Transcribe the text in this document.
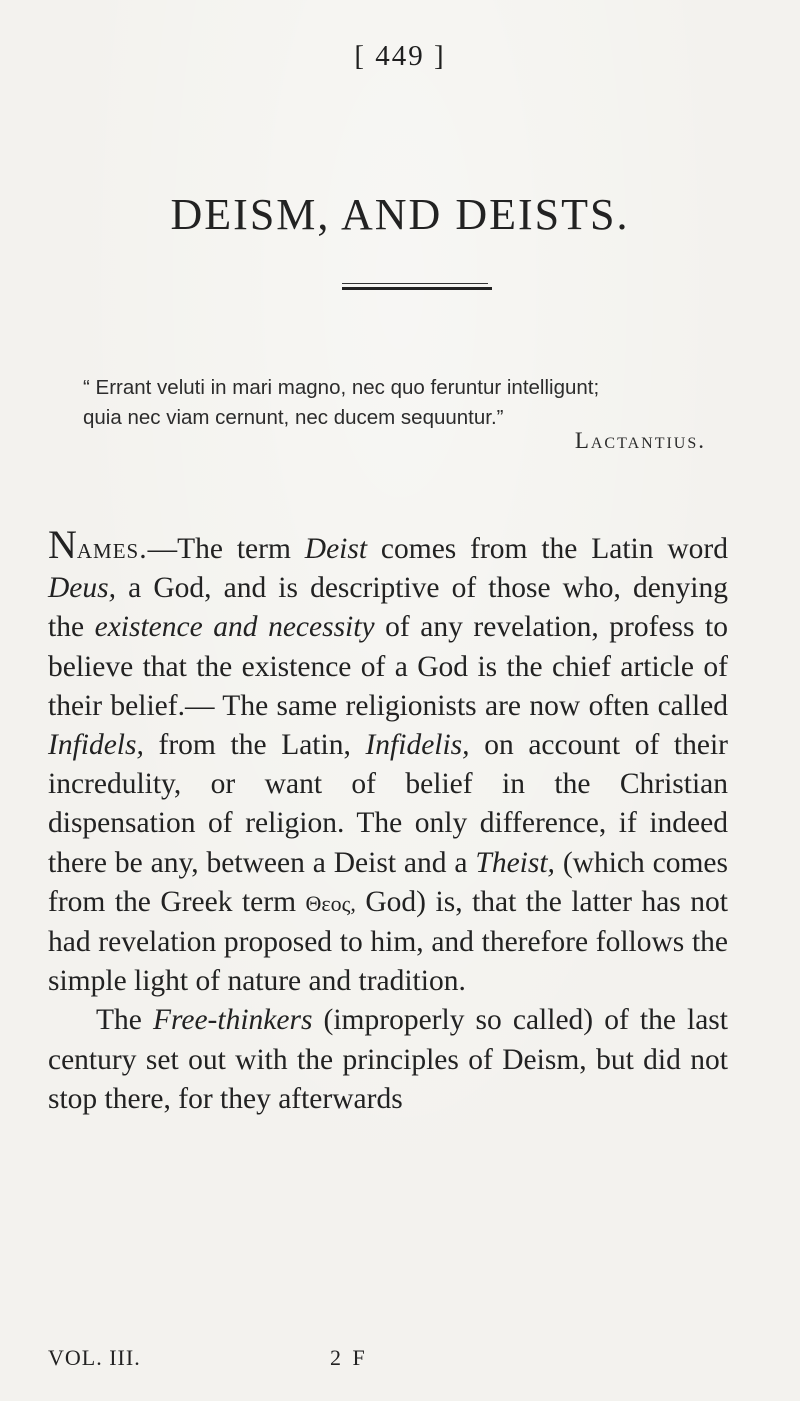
[ 449 ]
DEISM, AND DEISTS.
“ Errant veluti in mari magno, nec quo feruntur intelligunt;

quia nec viam cernunt, nec ducem sequuntur.”
Lactantius.

Names.—The term Deist comes from the Latin word Deus, a God, and is descriptive of those who, denying the existence and necessity of any revelation, profess to believe that the existence of a God is the chief article of their belief.— The same religionists are now often called Infidels, from the Latin, Infidelis, on account of their incredulity, or want of belief in the Christian dispensation of religion. The only difference, if indeed there be any, between a Deist and a Theist, (which comes from the Greek term Θεος, God) is, that the latter has not had revelation proposed to him, and therefore follows the simple light of nature and tradition.

The Free-thinkers (improperly so called) of the last century set out with the principles of Deism, but did not stop there, for they afterwards

VOL. III.	2 F
